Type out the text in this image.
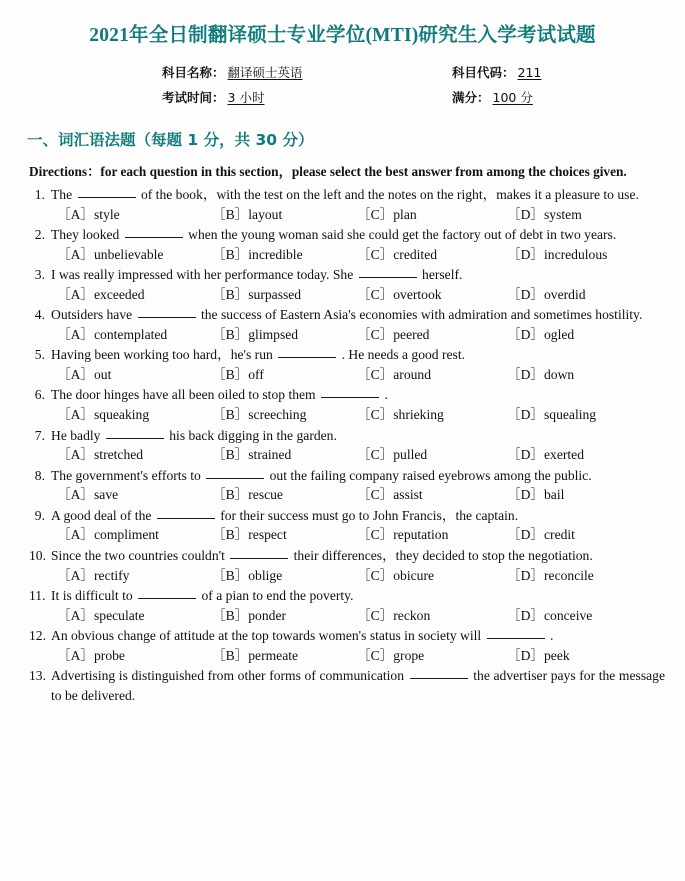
2021年全日制翻译硕士专业学位(MTI)研究生入学考试试题
科目名称： 翻译硕士英语	科目代码： 211
考试时间： 3 小时	满分： 100 分
一、词汇语法题（每题 1 分，共 30 分）
Directions：for each question in this section，please select the best answer from among the choices given.
1. The	of the book，with the test on the left and the notes on the right，makes it a pleasure to use.
［A］style	［B］layout	［C］plan	［D］system
2. They looked	when the young woman said she could get the factory out of debt in two years.
［A］unbelievable	［B］incredible	［C］credited	［D］incredulous
3. I was really impressed with her performance today. She	herself.
［A］exceeded	［B］surpassed	［C］overtook	［D］overdid
4. Outsiders have	the success of Eastern Asia's economies with admiration and sometimes hostility.
［A］contemplated	［B］glimpsed	［C］peered	［D］ogled
5. Having been working too hard，he's run	. He needs a good rest.
［A］out	［B］off	［C］around	［D］down
6. The door hinges have all been oiled to stop them	.
［A］squeaking	［B］screeching	［C］shrieking	［D］squealing
7. He badly	his back digging in the garden.
［A］stretched	［B］strained	［C］pulled	［D］exerted
8. The government's efforts to	out the failing company raised eyebrows among the public.
［A］save	［B］rescue	［C］assist	［D］bail
9. A good deal of the	for their success must go to John Francis，the captain.
［A］compliment	［B］respect	［C］reputation	［D］credit
10. Since the two countries couldn't	their differences，they decided to stop the negotiation.
［A］rectify	［B］oblige	［C］obicure	［D］reconcile
11. It is difficult to	of a pian to end the poverty.
［A］speculate	［B］ponder	［C］reckon	［D］conceive
12. An obvious change of attitude at the top towards women's status in society will	.
［A］probe	［B］permeate	［C］grope	［D］peek
13. Advertising is distinguished from other forms of communication	the advertiser pays for the message to be delivered.
